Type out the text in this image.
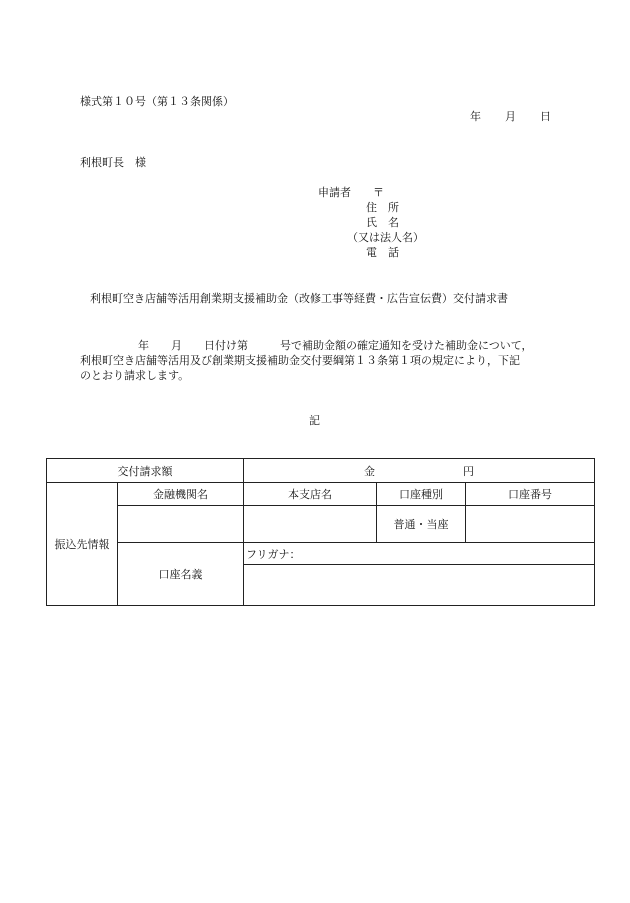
様式第１０号（第１３条関係）
年 月 日
利根町長　様
申請者 〒
住　所
氏　名
（又は法人名）
電　話
利根町空き店舗等活用創業期支援補助金（改修工事等経費・広告宣伝費）交付請求書
年 月 日付け第	号で補助金額の確定通知を受けた補助金について，
利根町空き店舗等活用及び創業期支援補助金交付要綱第１３条第１項の規定により，下記
のとおり請求します。
記
交付請求額		金 円		
振込先情報	金融機関名	本支店名	口座種別	口座番号
			普通・当座	
	口座名義	フリガナ：		
